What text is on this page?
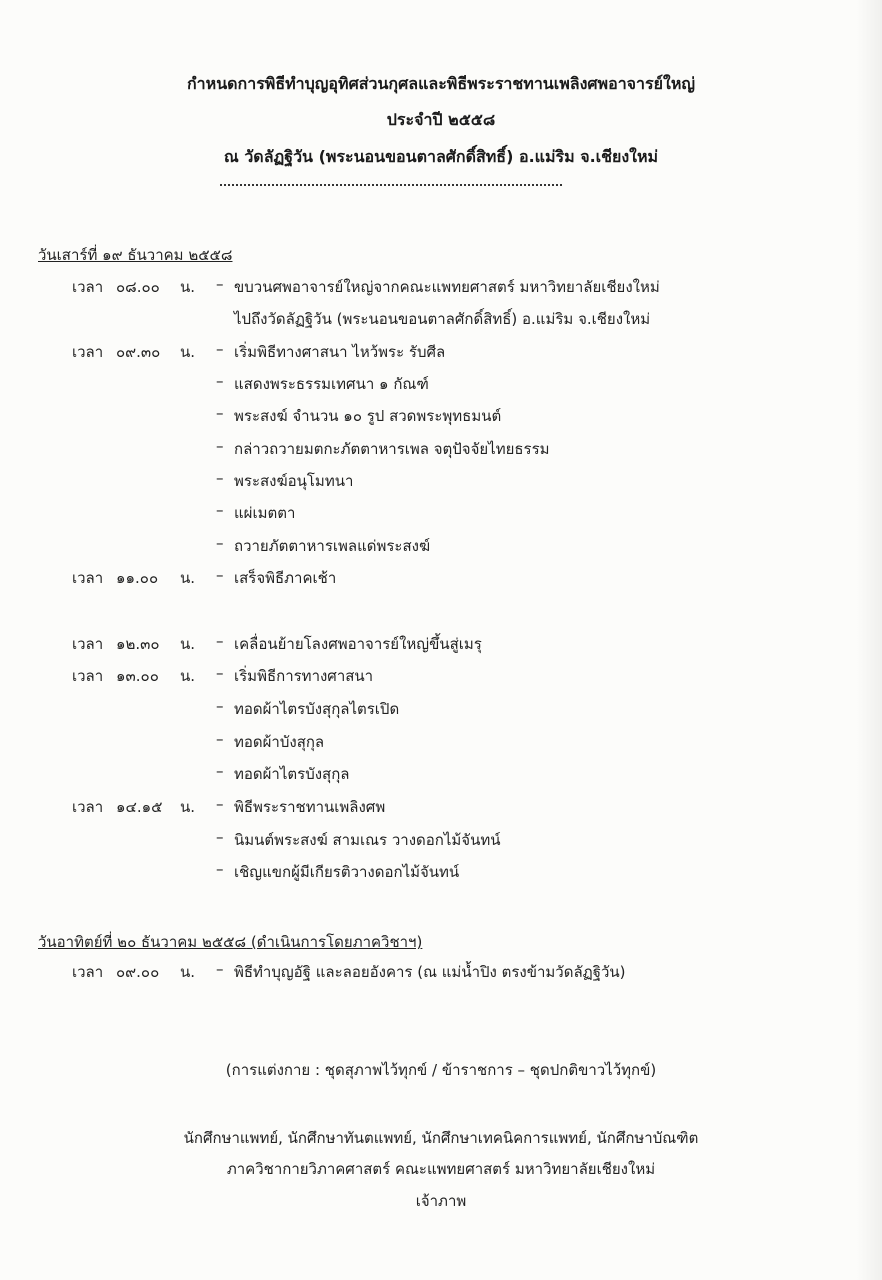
กำหนดการพิธีทำบุญอุทิศส่วนกุศลและพิธีพระราชทานเพลิงศพอาจารย์ใหญ่
ประจำปี ๒๕๕๘
ณ วัดลัฏฐิวัน (พระนอนขอนตาลศักดิ์สิทธิ์) อ.แม่ริม จ.เชียงใหม่
วันเสาร์ที่ ๑๙ ธันวาคม ๒๕๕๘
เวลา ๐๘.๐๐ น. – ขบวนศพอาจารย์ใหญ่จากคณะแพทยศาสตร์ มหาวิทยาลัยเชียงใหม่
ไปถึงวัดลัฏฐิวัน (พระนอนขอนตาลศักดิ์สิทธิ์) อ.แม่ริม จ.เชียงใหม่
เวลา ๐๙.๓๐ น. – เริ่มพิธีทางศาสนา ไหว้พระ รับศีล
– แสดงพระธรรมเทศนา ๑ กัณฑ์
– พระสงฆ์ จำนวน ๑๐ รูป สวดพระพุทธมนต์
– กล่าวถวายมตกะภัตตาหารเพล จตุปัจจัยไทยธรรม
– พระสงฆ์อนุโมทนา
– แผ่เมตตา
– ถวายภัตตาหารเพลแด่พระสงฆ์
เวลา ๑๑.๐๐ น. – เสร็จพิธีภาคเช้า
เวลา ๑๒.๓๐ น. – เคลื่อนย้ายโลงศพอาจารย์ใหญ่ขึ้นสู่เมรุ
เวลา ๑๓.๐๐ น. – เริ่มพิธีการทางศาสนา
– ทอดผ้าไตรบังสุกุลไตรเปิด
– ทอดผ้าบังสุกุล
– ทอดผ้าไตรบังสุกุล
เวลา ๑๔.๑๕ น. – พิธีพระราชทานเพลิงศพ
– นิมนต์พระสงฆ์ สามเณร วางดอกไม้จันทน์
– เชิญแขกผู้มีเกียรติวางดอกไม้จันทน์
วันอาทิตย์ที่ ๒๐ ธันวาคม ๒๕๕๘ (ดำเนินการโดยภาควิชาฯ)
เวลา ๐๙.๐๐ น. – พิธีทำบุญอัฐิ และลอยอังคาร (ณ แม่น้ำปิง ตรงข้ามวัดลัฏฐิวัน)
(การแต่งกาย : ชุดสุภาพไว้ทุกข์ / ข้าราชการ – ชุดปกติขาวไว้ทุกข์)
นักศึกษาแพทย์, นักศึกษาทันตแพทย์, นักศึกษาเทคนิคการแพทย์, นักศึกษาบัณฑิต
ภาควิชากายวิภาคศาสตร์ คณะแพทยศาสตร์ มหาวิทยาลัยเชียงใหม่
เจ้าภาพ
